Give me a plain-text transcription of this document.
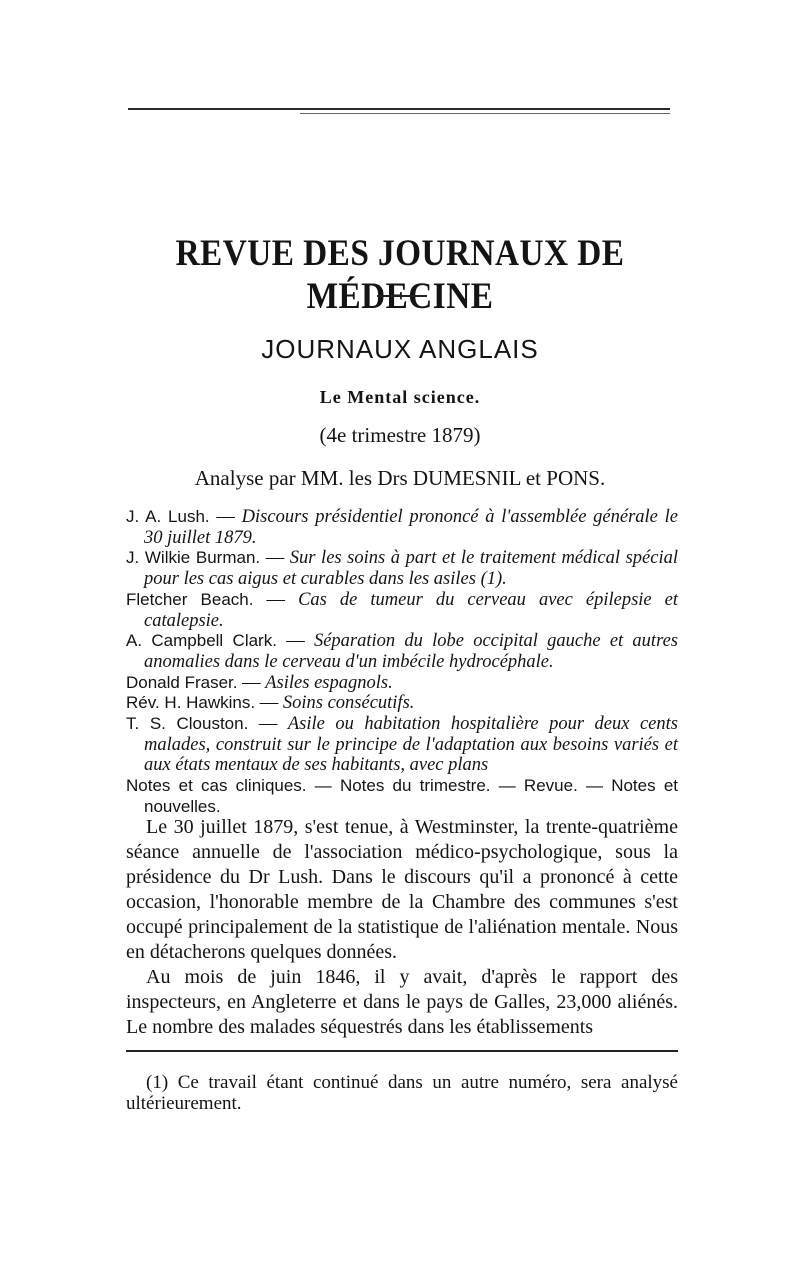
REVUE DES JOURNAUX DE MÉDECINE
JOURNAUX ANGLAIS
Le Mental science.
(4e trimestre 1879)
Analyse par MM. les Drs DUMESNIL et PONS.

J. A. Lush. — Discours présidentiel prononcé à l'assemblée générale le 30 juillet 1879.

J. Wilkie Burman. — Sur les soins à part et le traitement médical spécial pour les cas aigus et curables dans les asiles (1).

Fletcher Beach. — Cas de tumeur du cerveau avec épilepsie et catalepsie.

A. Campbell Clark. — Séparation du lobe occipital gauche et autres anomalies dans le cerveau d'un imbécile hydrocéphale.

Donald Fraser. — Asiles espagnols.

Rév. H. Hawkins. — Soins consécutifs.

T. S. Clouston. — Asile ou habitation hospitalière pour deux cents malades, construit sur le principe de l'adaptation aux besoins variés et aux états mentaux de ses habitants, avec plans

Notes et cas cliniques. — Notes du trimestre. — Revue. — Notes et nouvelles.

Le 30 juillet 1879, s'est tenue, à Westminster, la trente-quatrième séance annuelle de l'association médico-psychologique, sous la présidence du Dr Lush. Dans le discours qu'il a prononcé à cette occasion, l'honorable membre de la Chambre des communes s'est occupé principalement de la statistique de l'aliénation mentale. Nous en détacherons quelques données.

Au mois de juin 1846, il y avait, d'après le rapport des inspecteurs, en Angleterre et dans le pays de Galles, 23,000 aliénés. Le nombre des malades séquestrés dans les établissements

(1) Ce travail étant continué dans un autre numéro, sera analysé ultérieurement.
